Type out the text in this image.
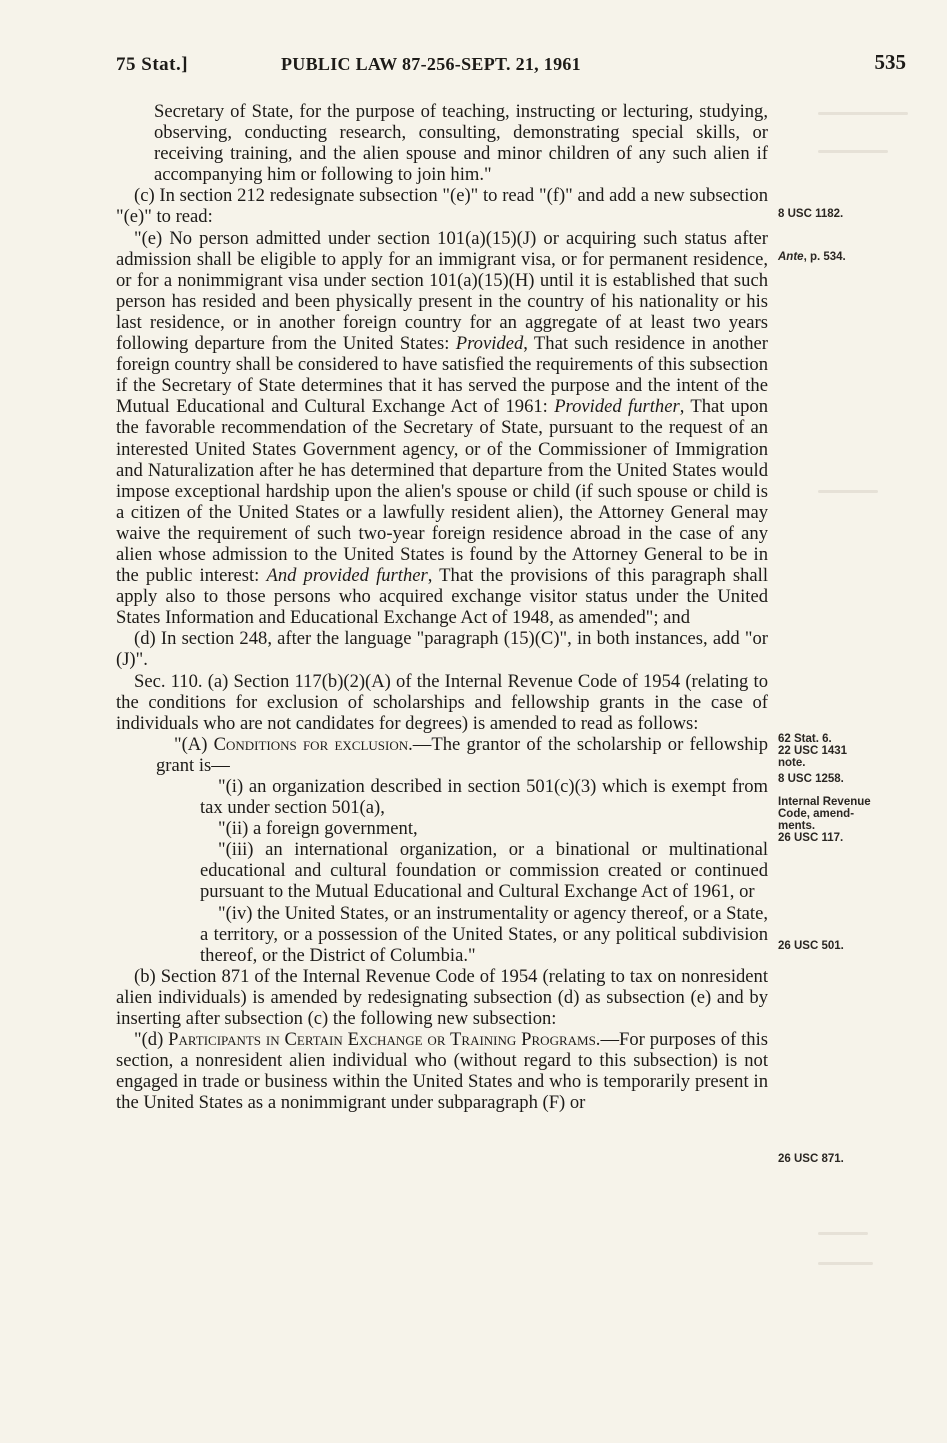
75 Stat.]	PUBLIC LAW 87-256-SEPT. 21, 1961	535

Secretary of State, for the purpose of teaching, instructing or lecturing, studying, observing, conducting research, consulting, demonstrating special skills, or receiving training, and the alien spouse and minor children of any such alien if accompanying him or following to join him."

(c) In section 212 redesignate subsection "(e)" to read "(f)" and add a new subsection "(e)" to read:

"(e) No person admitted under section 101(a)(15)(J) or acquiring such status after admission shall be eligible to apply for an immigrant visa, or for permanent residence, or for a nonimmigrant visa under section 101(a)(15)(H) until it is established that such person has resided and been physically present in the country of his nationality or his last residence, or in another foreign country for an aggregate of at least two years following departure from the United States: Provided, That such residence in another foreign country shall be considered to have satisfied the requirements of this subsection if the Secretary of State determines that it has served the purpose and the intent of the Mutual Educational and Cultural Exchange Act of 1961: Provided further, That upon the favorable recommendation of the Secretary of State, pursuant to the request of an interested United States Government agency, or of the Commissioner of Immigration and Naturalization after he has determined that departure from the United States would impose exceptional hardship upon the alien's spouse or child (if such spouse or child is a citizen of the United States or a lawfully resident alien), the Attorney General may waive the requirement of such two-year foreign residence abroad in the case of any alien whose admission to the United States is found by the Attorney General to be in the public interest: And provided further, That the provisions of this paragraph shall apply also to those persons who acquired exchange visitor status under the United States Information and Educational Exchange Act of 1948, as amended"; and

(d) In section 248, after the language "paragraph (15)(C)", in both instances, add "or (J)".

Sec. 110. (a) Section 117(b)(2)(A) of the Internal Revenue Code of 1954 (relating to the conditions for exclusion of scholarships and fellowship grants in the case of individuals who are not candidates for degrees) is amended to read as follows:

"(A) Conditions for exclusion.—The grantor of the scholarship or fellowship grant is—

"(i) an organization described in section 501(c)(3) which is exempt from tax under section 501(a),

"(ii) a foreign government,

"(iii) an international organization, or a binational or multinational educational and cultural foundation or commission created or continued pursuant to the Mutual Educational and Cultural Exchange Act of 1961, or

"(iv) the United States, or an instrumentality or agency thereof, or a State, a territory, or a possession of the United States, or any political subdivision thereof, or the District of Columbia."

(b) Section 871 of the Internal Revenue Code of 1954 (relating to tax on nonresident alien individuals) is amended by redesignating subsection (d) as subsection (e) and by inserting after subsection (c) the following new subsection:

"(d) Participants in Certain Exchange or Training Programs.—For purposes of this section, a nonresident alien individual who (without regard to this subsection) is not engaged in trade or business within the United States and who is temporarily present in the United States as a nonimmigrant under subparagraph (F) or

8 USC 1182.
Ante, p. 534.
62 Stat. 6.
22 USC 1431
note.
8 USC 1258.
Internal Revenue
Code, amend-
ments.
26 USC 117.
26 USC 501.
26 USC 871.
